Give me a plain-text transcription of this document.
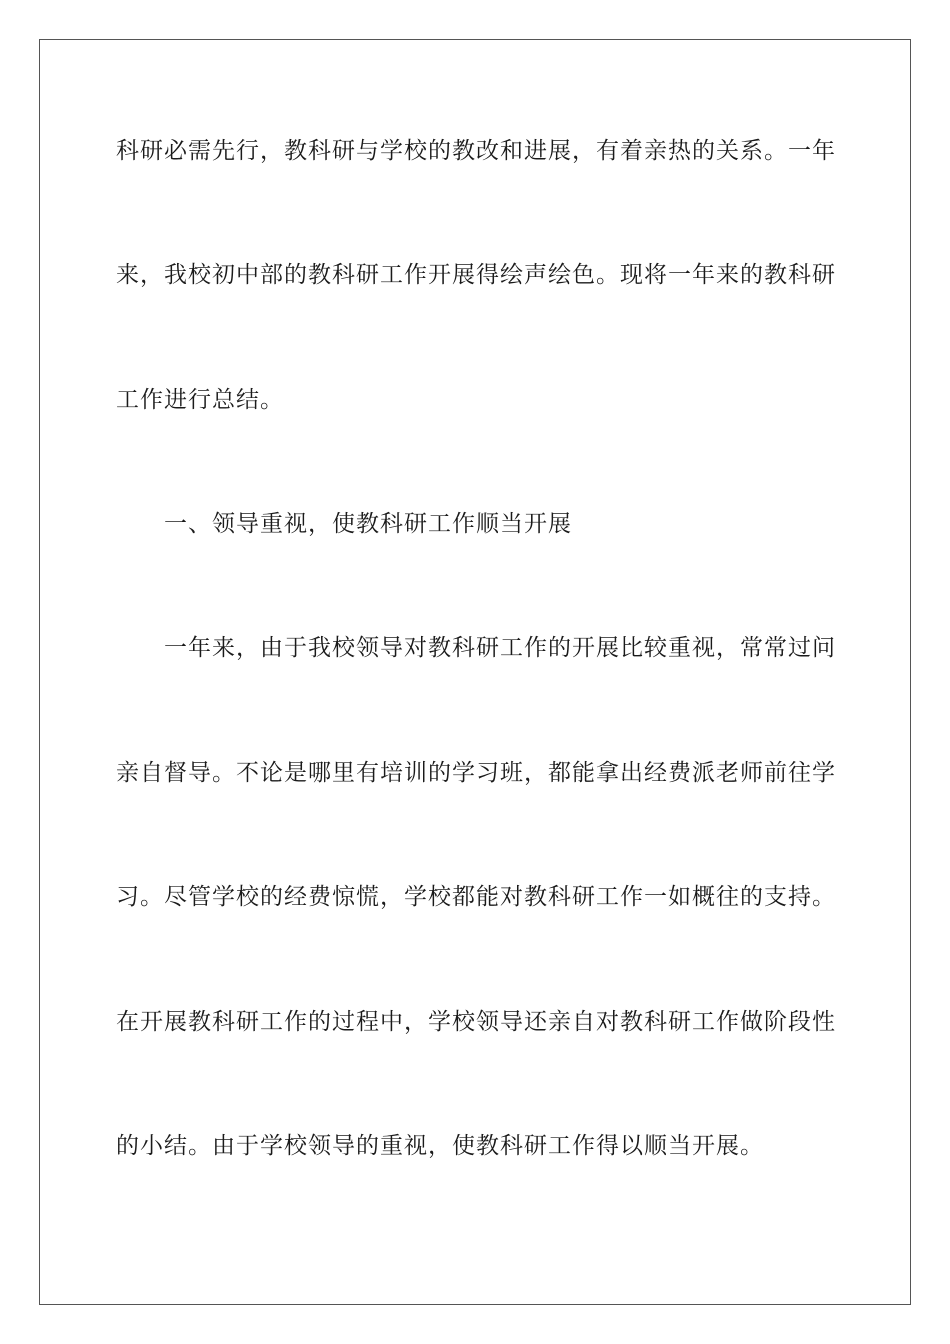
科研必需先行，教科研与学校的教改和进展，有着亲热的关系。一年
来，我校初中部的教科研工作开展得绘声绘色。现将一年来的教科研
工作进行总结。
一、领导重视，使教科研工作顺当开展
一年来，由于我校领导对教科研工作的开展比较重视，常常过问
亲自督导。不论是哪里有培训的学习班，都能拿出经费派老师前往学
习。尽管学校的经费惊慌，学校都能对教科研工作一如概往的支持。
在开展教科研工作的过程中，学校领导还亲自对教科研工作做阶段性
的小结。由于学校领导的重视，使教科研工作得以顺当开展。
